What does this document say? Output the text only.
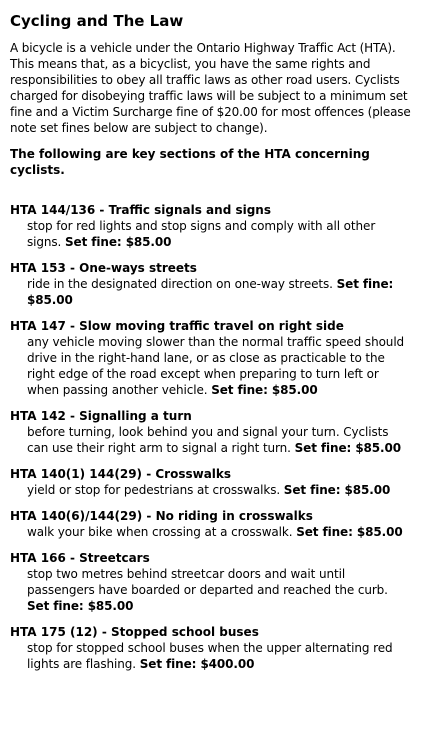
Cycling and The Law
A bicycle is a vehicle under the Ontario Highway Traffic Act (HTA). This means that, as a bicyclist, you have the same rights and responsibilities to obey all traffic laws as other road users. Cyclists charged for disobeying traffic laws will be subject to a minimum set fine and a Victim Surcharge fine of $20.00 for most offences (please note set fines below are subject to change).
The following are key sections of the HTA concerning cyclists.
HTA 144/136 - Traffic signals and signs
stop for red lights and stop signs and comply with all other signs. Set fine: $85.00
HTA 153 - One-ways streets
ride in the designated direction on one-way streets. Set fine: $85.00
HTA 147 - Slow moving traffic travel on right side
any vehicle moving slower than the normal traffic speed should drive in the right-hand lane, or as close as practicable to the right edge of the road except when preparing to turn left or when passing another vehicle. Set fine: $85.00
HTA 142 - Signalling a turn
before turning, look behind you and signal your turn. Cyclists can use their right arm to signal a right turn. Set fine: $85.00
HTA 140(1) 144(29) - Crosswalks
yield or stop for pedestrians at crosswalks. Set fine: $85.00
HTA 140(6)/144(29) - No riding in crosswalks
walk your bike when crossing at a crosswalk. Set fine: $85.00
HTA 166 - Streetcars
stop two metres behind streetcar doors and wait until passengers have boarded or departed and reached the curb. Set fine: $85.00
HTA 175 (12) - Stopped school buses
stop for stopped school buses when the upper alternating red lights are flashing. Set fine: $400.00
